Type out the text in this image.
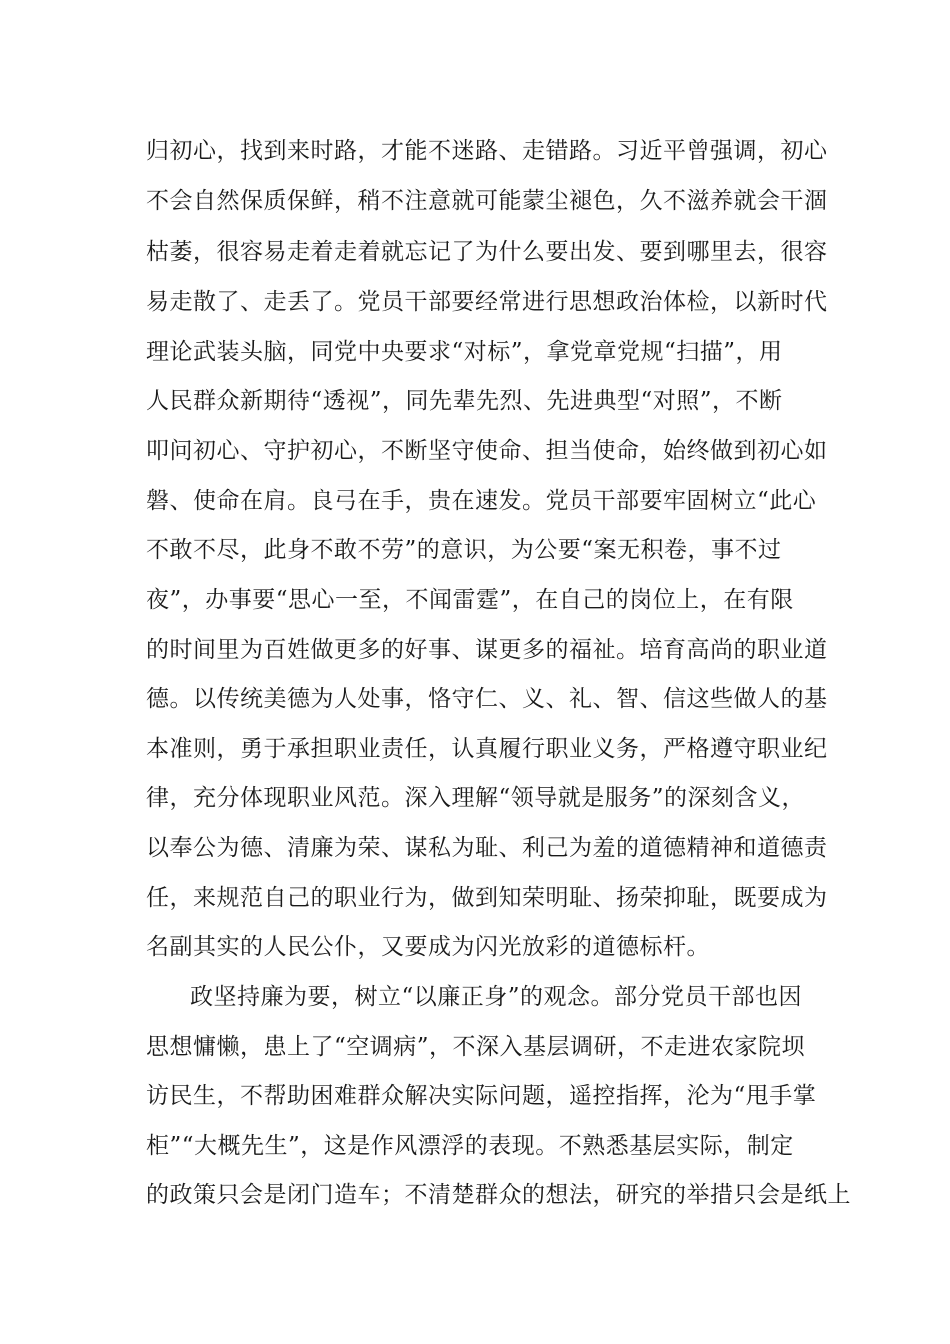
归初心，找到来时路，才能不迷路、走错路。习近平曾强调，初心
不会自然保质保鲜，稍不注意就可能蒙尘褪色，久不滋养就会干涸
枯萎，很容易走着走着就忘记了为什么要出发、要到哪里去，很容
易走散了、走丢了。党员干部要经常进行思想政治体检，以新时代
理论武装头脑，同党中央要求“对标”，拿党章党规“扫描”，用
人民群众新期待“透视”，同先辈先烈、先进典型“对照”，不断
叩问初心、守护初心，不断坚守使命、担当使命，始终做到初心如
磐、使命在肩。良弓在手，贵在速发。党员干部要牢固树立“此心
不敢不尽，此身不敢不劳”的意识，为公要“案无积卷，事不过
夜”，办事要“思心一至，不闻雷霆”，在自己的岗位上，在有限
的时间里为百姓做更多的好事、谋更多的福祉。培育高尚的职业道
德。以传统美德为人处事，恪守仁、义、礼、智、信这些做人的基
本准则，勇于承担职业责任，认真履行职业义务，严格遵守职业纪
律，充分体现职业风范。深入理解“领导就是服务”的深刻含义，
以奉公为德、清廉为荣、谋私为耻、利己为羞的道德精神和道德责
任，来规范自己的职业行为，做到知荣明耻、扬荣抑耻，既要成为
名副其实的人民公仆，又要成为闪光放彩的道德标杆。
政坚持廉为要，树立“以廉正身”的观念。部分党员干部也因
思想慵懒，患上了“空调病”，不深入基层调研，不走进农家院坝
访民生，不帮助困难群众解决实际问题，遥控指挥，沦为“甩手掌
柜”“大概先生”，这是作风漂浮的表现。不熟悉基层实际，制定
的政策只会是闭门造车；不清楚群众的想法，研究的举措只会是纸上
